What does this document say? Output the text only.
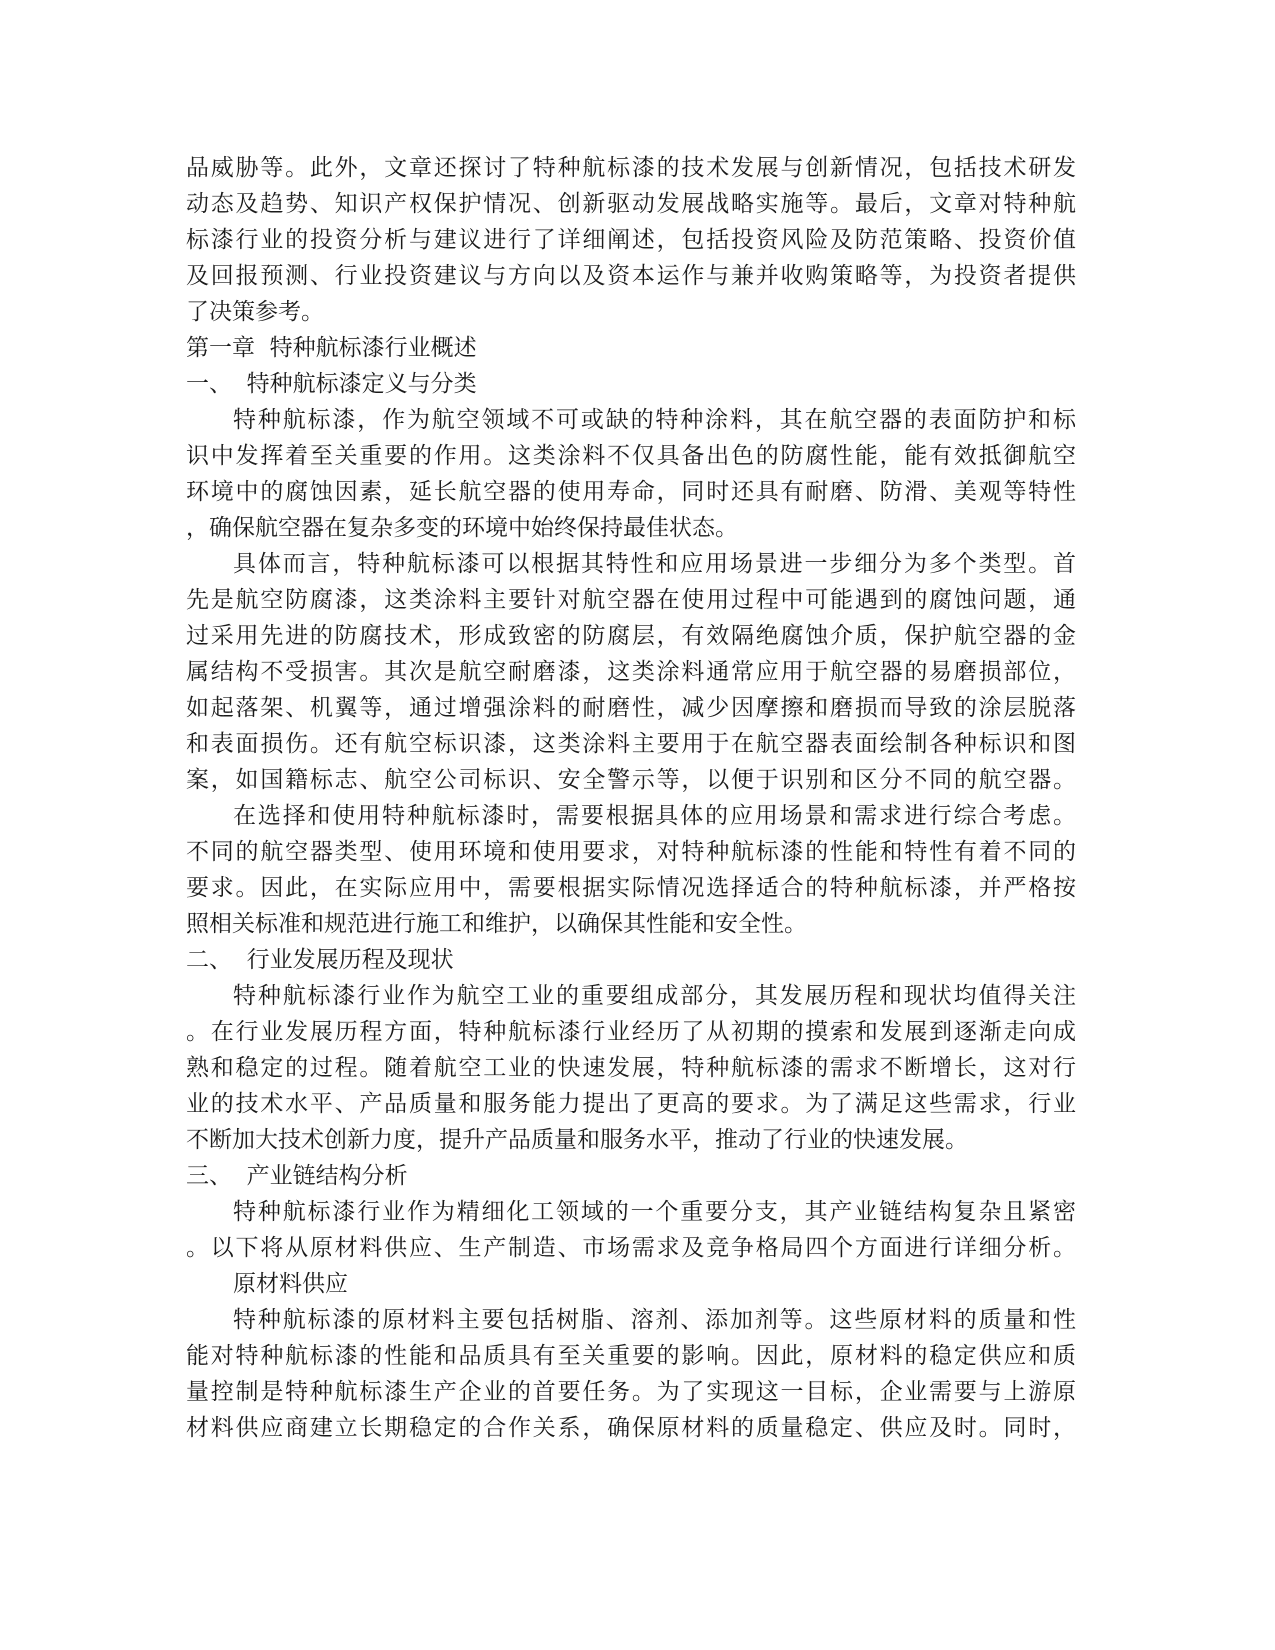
品威胁等。此外，文章还探讨了特种航标漆的技术发展与创新情况，包括技术研发
动态及趋势、知识产权保护情况、创新驱动发展战略实施等。最后，文章对特种航
标漆行业的投资分析与建议进行了详细阐述，包括投资风险及防范策略、投资价值
及回报预测、行业投资建议与方向以及资本运作与兼并收购策略等，为投资者提供
了决策参考。
第一章  特种航标漆行业概述
一、  特种航标漆定义与分类
特种航标漆，作为航空领域不可或缺的特种涂料，其在航空器的表面防护和标
识中发挥着至关重要的作用。这类涂料不仅具备出色的防腐性能，能有效抵御航空
环境中的腐蚀因素，延长航空器的使用寿命，同时还具有耐磨、防滑、美观等特性
，确保航空器在复杂多变的环境中始终保持最佳状态。
具体而言，特种航标漆可以根据其特性和应用场景进一步细分为多个类型。首
先是航空防腐漆，这类涂料主要针对航空器在使用过程中可能遇到的腐蚀问题，通
过采用先进的防腐技术，形成致密的防腐层，有效隔绝腐蚀介质，保护航空器的金
属结构不受损害。其次是航空耐磨漆，这类涂料通常应用于航空器的易磨损部位，
如起落架、机翼等，通过增强涂料的耐磨性，减少因摩擦和磨损而导致的涂层脱落
和表面损伤。还有航空标识漆，这类涂料主要用于在航空器表面绘制各种标识和图
案，如国籍标志、航空公司标识、安全警示等，以便于识别和区分不同的航空器。
在选择和使用特种航标漆时，需要根据具体的应用场景和需求进行综合考虑。
不同的航空器类型、使用环境和使用要求，对特种航标漆的性能和特性有着不同的
要求。因此，在实际应用中，需要根据实际情况选择适合的特种航标漆，并严格按
照相关标准和规范进行施工和维护，以确保其性能和安全性。
二、  行业发展历程及现状
特种航标漆行业作为航空工业的重要组成部分，其发展历程和现状均值得关注
。在行业发展历程方面，特种航标漆行业经历了从初期的摸索和发展到逐渐走向成
熟和稳定的过程。随着航空工业的快速发展，特种航标漆的需求不断增长，这对行
业的技术水平、产品质量和服务能力提出了更高的要求。为了满足这些需求，行业
不断加大技术创新力度，提升产品质量和服务水平，推动了行业的快速发展。
三、  产业链结构分析
特种航标漆行业作为精细化工领域的一个重要分支，其产业链结构复杂且紧密
。以下将从原材料供应、生产制造、市场需求及竞争格局四个方面进行详细分析。
原材料供应
特种航标漆的原材料主要包括树脂、溶剂、添加剂等。这些原材料的质量和性
能对特种航标漆的性能和品质具有至关重要的影响。因此，原材料的稳定供应和质
量控制是特种航标漆生产企业的首要任务。为了实现这一目标，企业需要与上游原
材料供应商建立长期稳定的合作关系，确保原材料的质量稳定、供应及时。同时，
